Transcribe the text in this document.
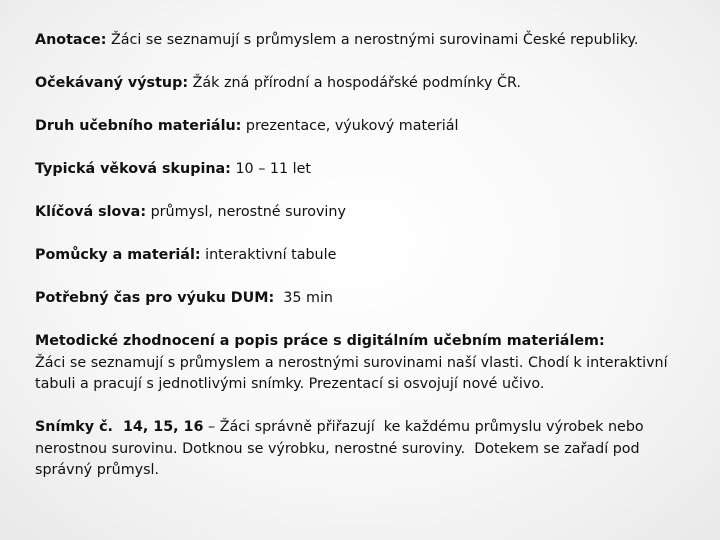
Anotace: Žáci se seznamují s průmyslem a nerostnými surovinami České republiky.

Očekávaný výstup: Žák zná přírodní a hospodářské podmínky ČR.

Druh učebního materiálu: prezentace, výukový materiál

Typická věková skupina: 10 – 11 let

Klíčová slova: průmysl, nerostné suroviny

Pomůcky a materiál: interaktivní tabule

Potřebný čas pro výuku DUM:  35 min

Metodické zhodnocení a popis práce s digitálním učebním materiálem:

Žáci se seznamují s průmyslem a nerostnými surovinami naší vlasti. Chodí k interaktivní

tabuli a pracují s jednotlivými snímky. Prezentací si osvojují nové učivo.

Snímky č.  14, 15, 16 – Žáci správně přiřazují  ke každému průmyslu výrobek nebo

nerostnou surovinu. Dotknou se výrobku, nerostné suroviny.  Dotekem se zařadí pod

správný průmysl.
